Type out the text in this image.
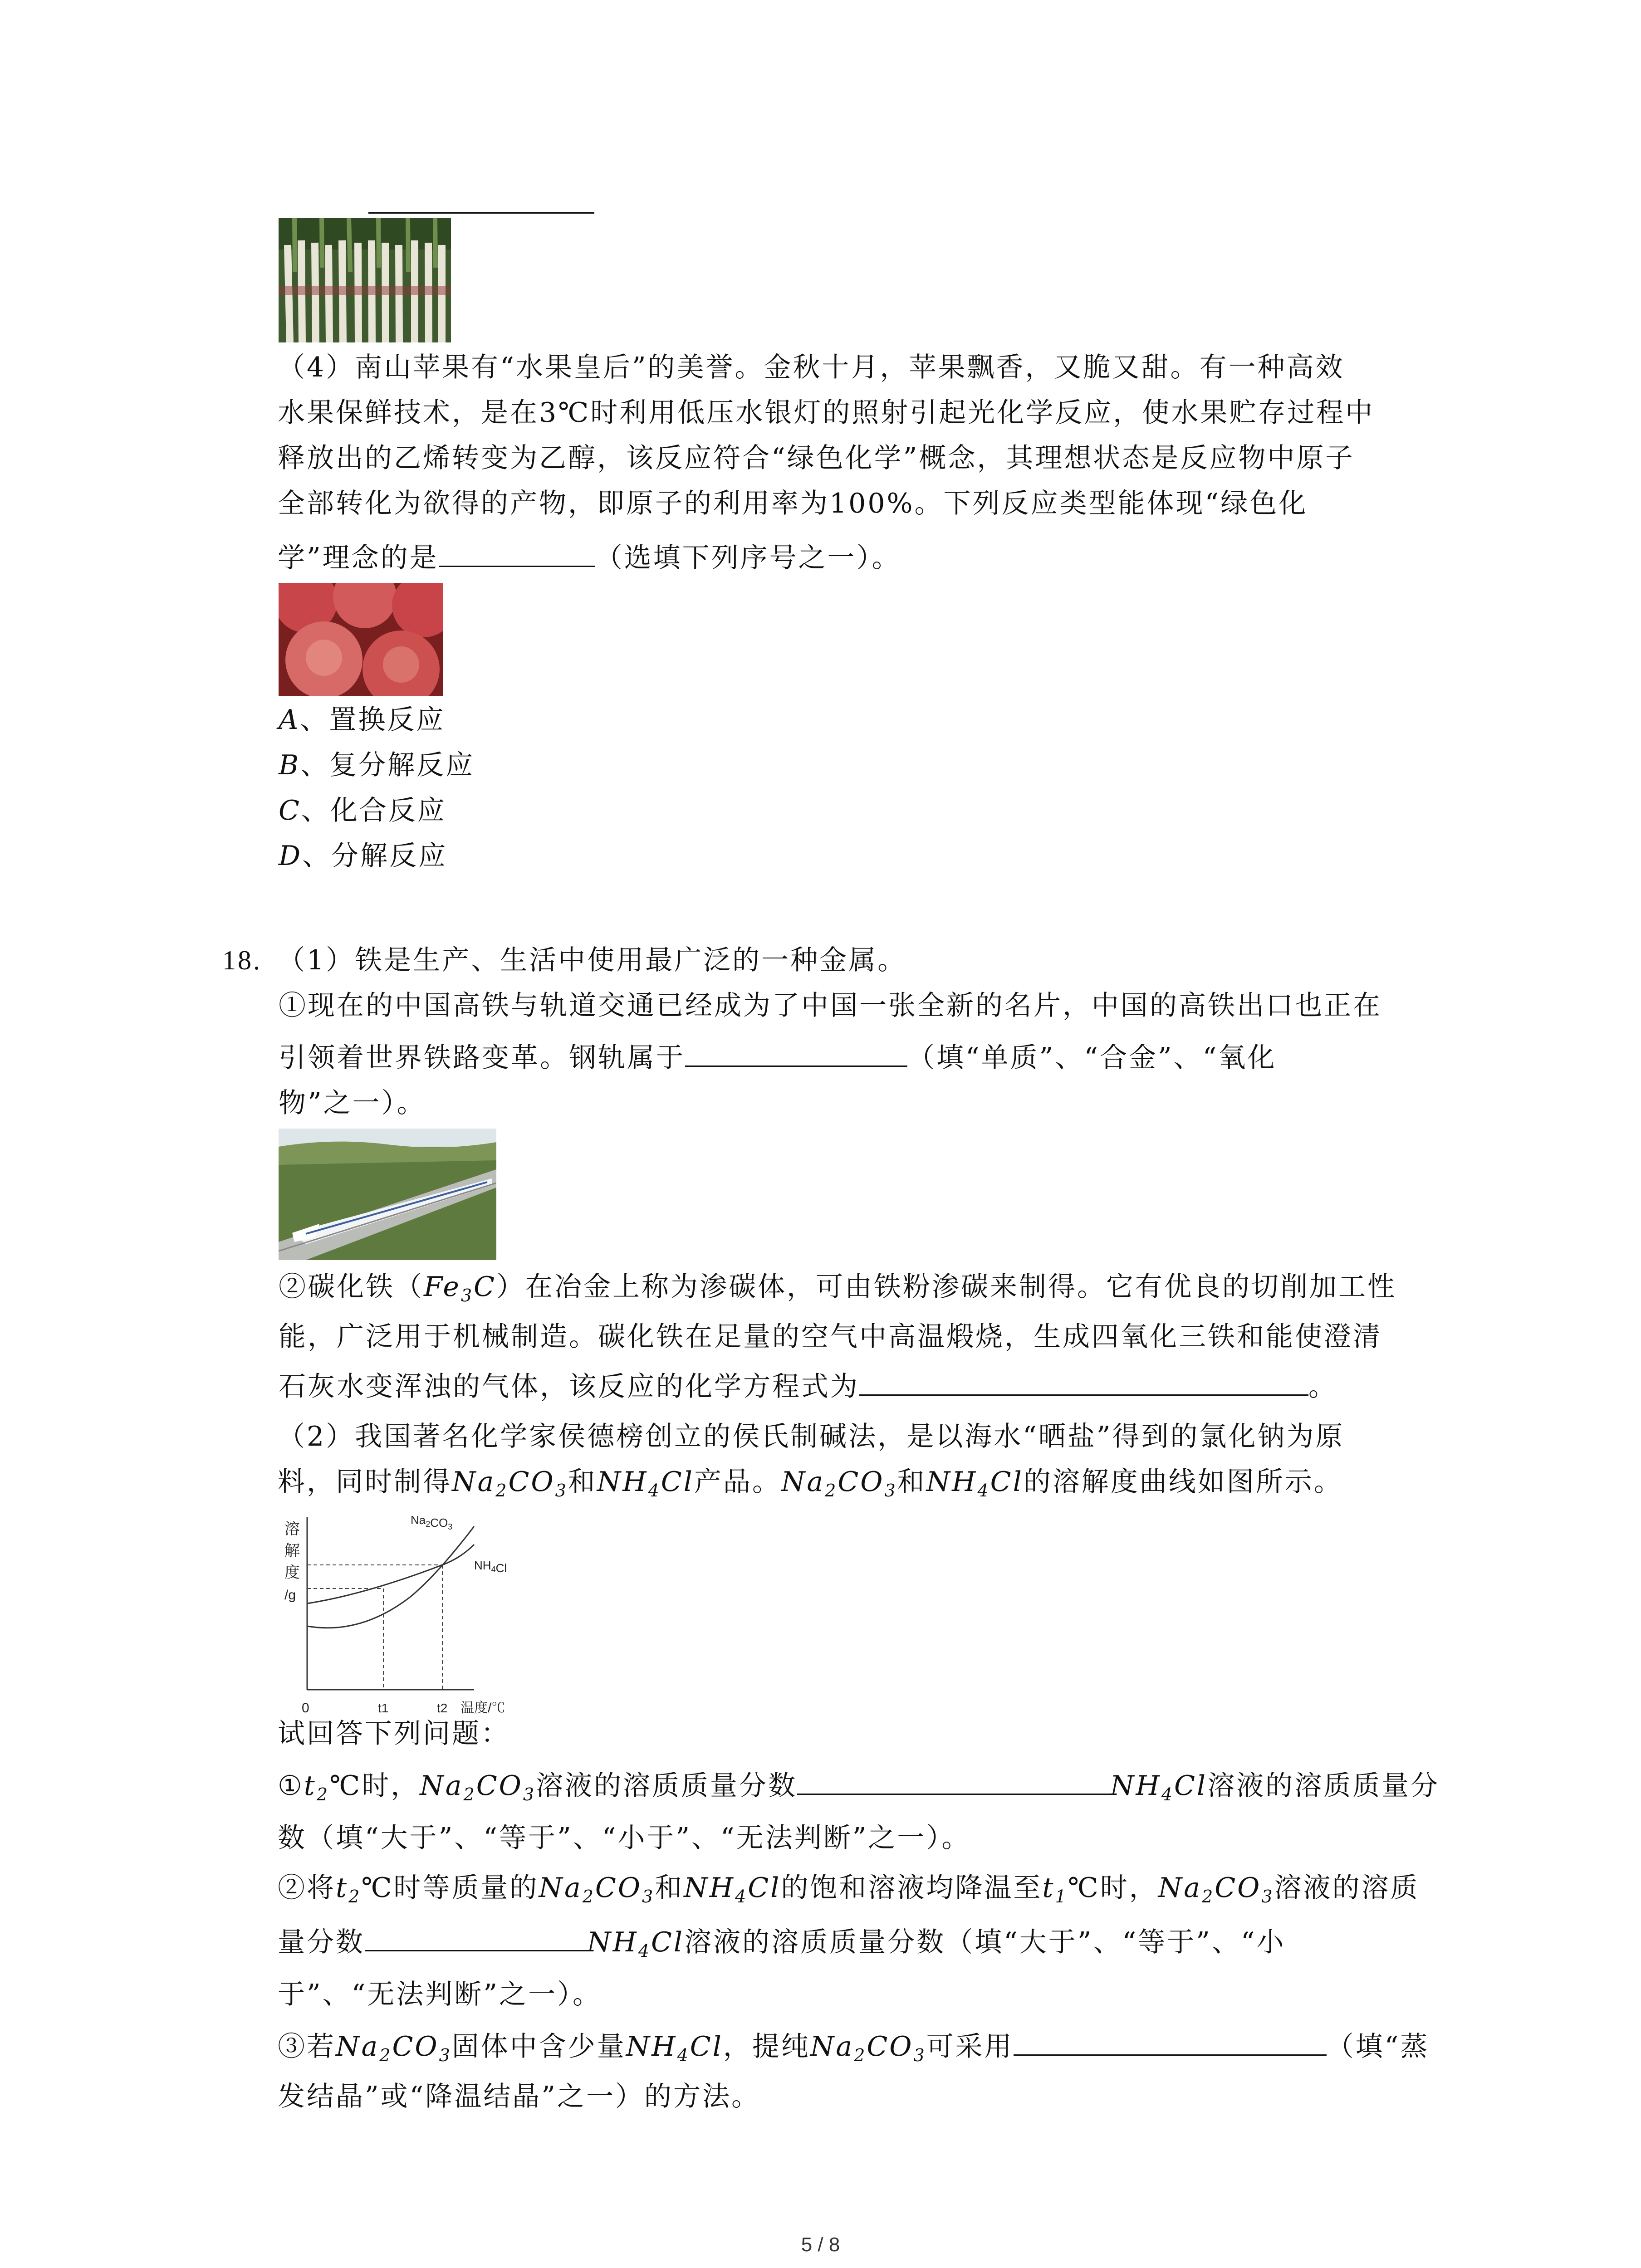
（4）南山苹果有“水果皇后”的美誉。金秋十月，苹果飘香，又脆又甜。有一种高效
水果保鲜技术，是在3℃时利用低压水银灯的照射引起光化学反应，使水果贮存过程中
释放出的乙烯转变为乙醇，该反应符合“绿色化学”概念，其理想状态是反应物中原子
全部转化为欲得的产物，即原子的利用率为100%。下列反应类型能体现“绿色化
学”理念的是	（选填下列序号之一）。
A、置换反应
B、复分解反应
C、化合反应
D、分解反应
18. （1）铁是生产、生活中使用最广泛的一种金属。
①现在的中国高铁与轨道交通已经成为了中国一张全新的名片，中国的高铁出口也正在
引领着世界铁路变革。钢轨属于	（填“单质”、“合金”、“氧化
物”之一）。
②碳化铁$(Fe_3C)$在冶金上称为渗碳体，可由铁粉渗碳来制得。它有优良的切削加工性
能，广泛用于机械制造。碳化铁在足量的空气中高温煅烧，生成四氧化三铁和能使澄清
石灰水变浑浊的气体，该反应的化学方程式为	。
（2）我国著名化学家侯德榜创立的侯氏制碱法，是以海水“晒盐”得到的氯化钠为原
料，同时制得$Na_2CO_3$和$NH_4Cl$产品。$Na_2CO_3$和$NH_4Cl$的溶解度曲线如图所示。
溶
解
度
/g
$Na_2CO_3$
$NH_4Cl$
0	t1	t2 温度/℃
试回答下列问题：
$①t_2℃$时，$Na_2CO_3$溶液的溶质质量分数	$NH_4Cl$溶液的溶质质量分
数（填“大于”、“等于”、“小于”、“无法判断”之一）。
②将$t_2℃$时等质量的$Na_2CO_3$和$NH_4Cl$的饱和溶液均降温至$t_1℃$时，$Na_2CO_3$溶液的溶质
量分数	$NH_4Cl$溶液的溶质质量分数（填“大于”、“等于”、“小
于”、“无法判断”之一）。
③若$Na_2CO_3$固体中含少量$NH_4Cl$，提纯$Na_2CO_3$可采用	（填“蒸
发结晶”或“降温结晶”之一）的方法。
5 / 8
